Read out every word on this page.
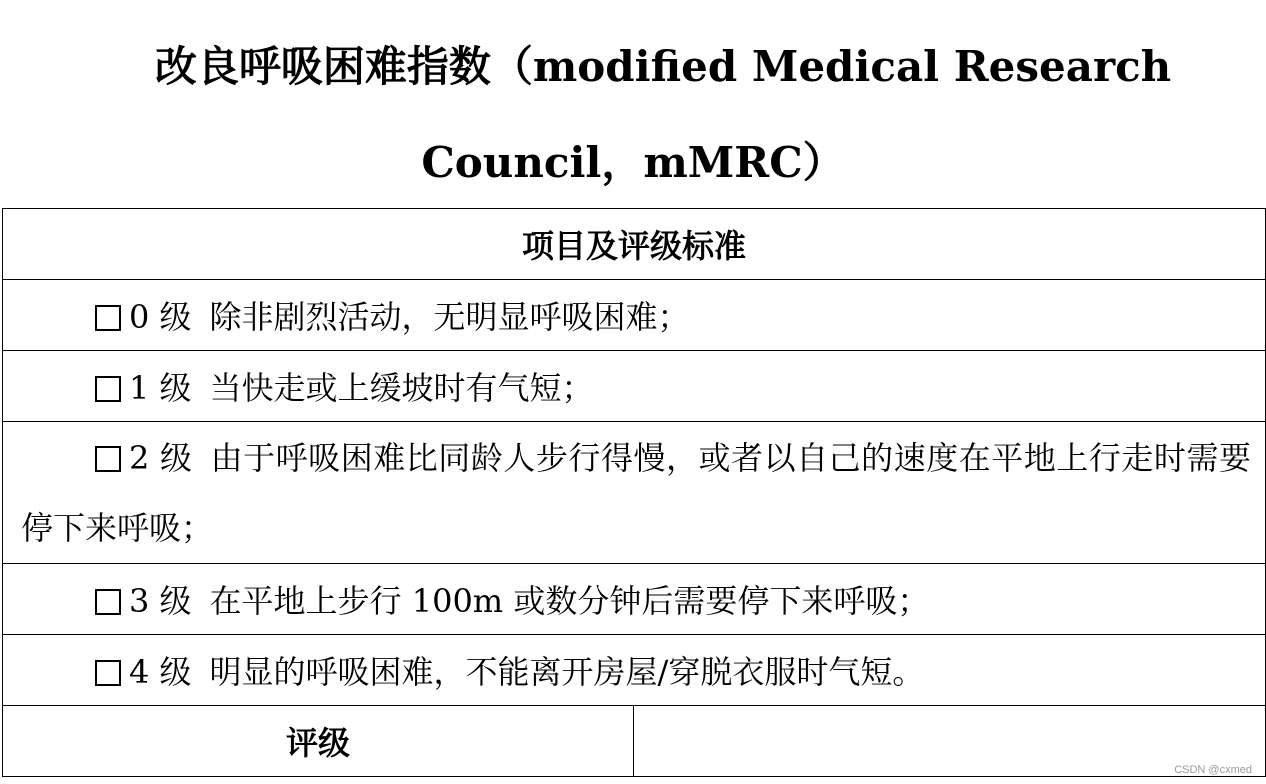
改良呼吸困难指数（modified Medical Research
Council，mMRC）
项目及评级标准

0 级 除非剧烈活动，无明显呼吸困难；

1 级 当快走或上缓坡时有气短；

2 级 由于呼吸困难比同龄人步行得慢，或者以自己的速度在平地上行走时需要停下来呼吸；

3 级 在平地上步行 100m 或数分钟后需要停下来呼吸；

4 级 明显的呼吸困难，不能离开房屋/穿脱衣服时气短。

评级	
CSDN @cxmed
